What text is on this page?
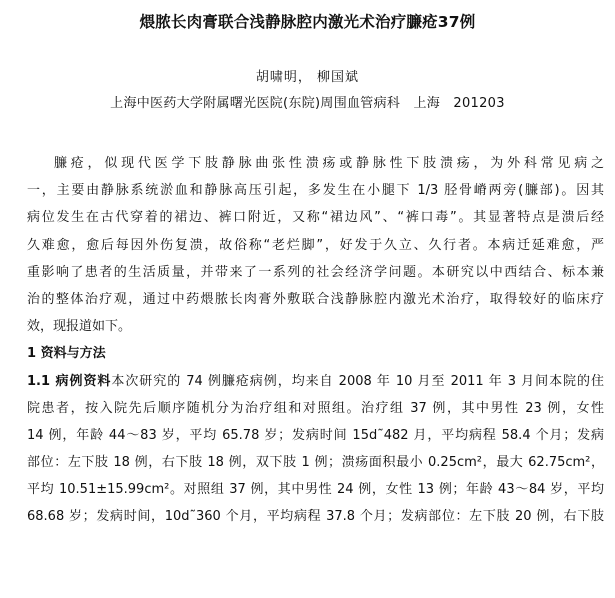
煨脓长肉膏联合浅静脉腔内激光术治疗臁疮37例
胡啸明， 柳国斌
上海中医药大学附属曙光医院(东院)周围血管病科　上海　201203
臁疮，似现代医学下肢静脉曲张性溃疡或静脉性下肢溃疡，为外科常见病之
一，主要由静脉系统淤血和静脉高压引起，多发生在小腿下 1/3 胫骨嵴两旁(臁部)。因其
病位发生在古代穿着的裙边、裤口附近，又称“裙边风”、“裤口毒”。其显著特点是溃后经
久难愈，愈后每因外伤复溃，故俗称“老烂脚”，好发于久立、久行者。本病迁延难愈，严
重影响了患者的生活质量，并带来了一系列的社会经济学问题。本研究以中西结合、标本兼
治的整体治疗观，通过中药煨脓长肉膏外敷联合浅静脉腔内激光术治疗，取得较好的临床疗
效，现报道如下。
1 资料与方法
1.1 病例资料本次研究的 74 例臁疮病例，均来自 2008 年 10 月至 2011 年 3 月间本院的住
院患者，按入院先后顺序随机分为治疗组和对照组。治疗组 37 例，其中男性 23 例，女性
14 例，年龄 44～83 岁，平均 65.78 岁；发病时间 15d˜482 月，平均病程 58.4 个月；发病
部位：左下肢 18 例，右下肢 18 例，双下肢 1 例；溃疡面积最小 0.25cm²，最大 62.75cm²，
平均 10.51±15.99cm²。对照组 37 例，其中男性 24 例，女性 13 例；年龄 43～84 岁，平均
68.68 岁；发病时间，10d˜360 个月，平均病程 37.8 个月；发病部位：左下肢 20 例，右下肢
